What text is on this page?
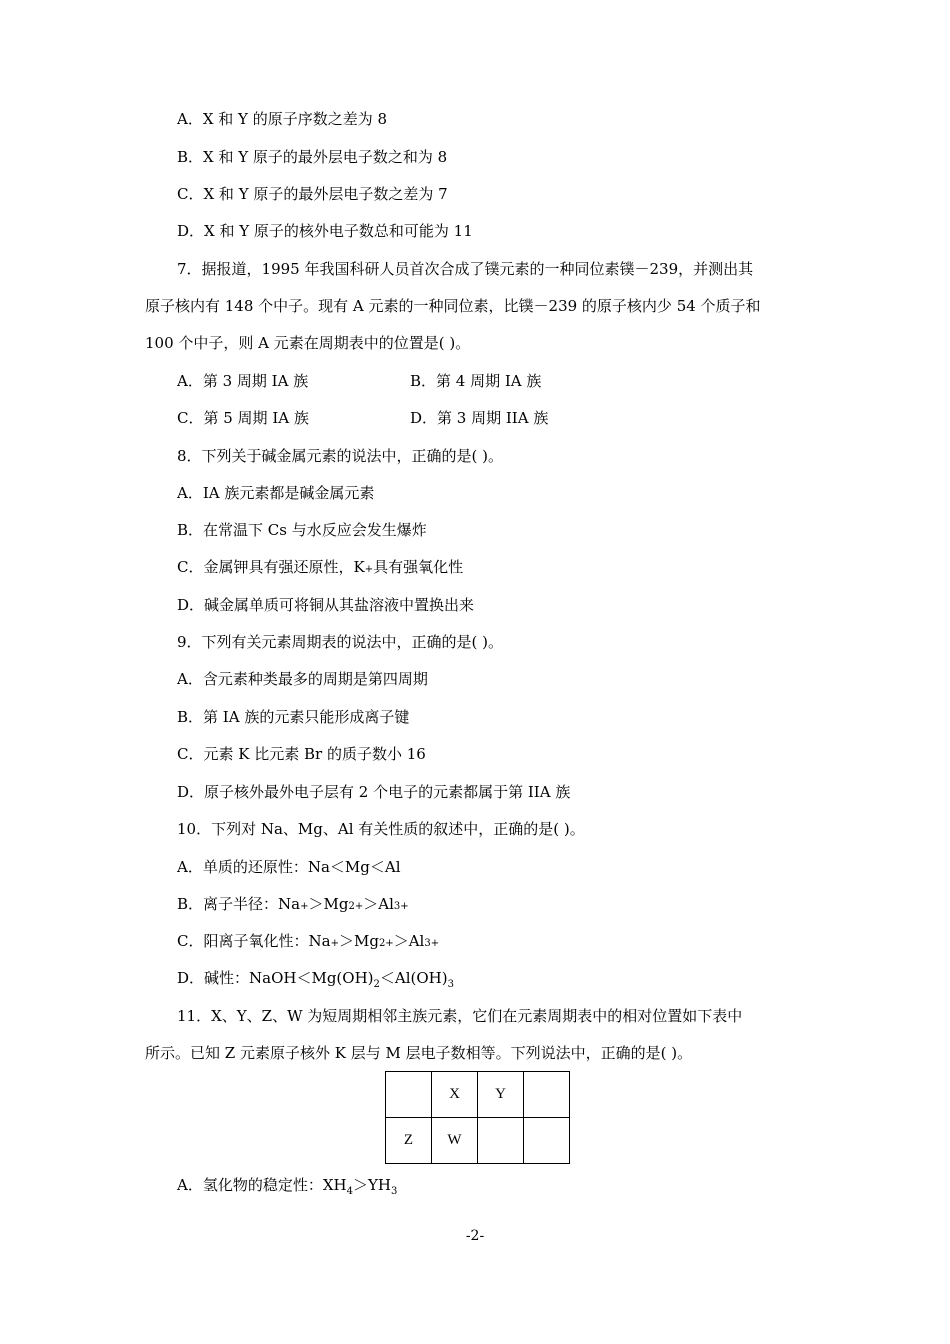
A．X 和 Y 的原子序数之差为 8
B．X 和 Y 原子的最外层电子数之和为 8
C．X 和 Y 原子的最外层电子数之差为 7
D．X 和 Y 原子的核外电子数总和可能为 11
7．据报道，1995 年我国科研人员首次合成了镤元素的一种同位素镤－239，并测出其
原子核内有 148 个中子。现有 A 元素的一种同位素，比镤－239 的原子核内少 54 个质子和
100 个中子，则 A 元素在周期表中的位置是( )。
A．第 3 周期 IA 族	B．第 4 周期 IA 族
C．第 5 周期 IA 族	D．第 3 周期 IIA 族
8．下列关于碱金属元素的说法中，正确的是( )。
A．IA 族元素都是碱金属元素
B．在常温下 Cs 与水反应会发生爆炸
C．金属钾具有强还原性，K+具有强氧化性
D．碱金属单质可将铜从其盐溶液中置换出来
9．下列有关元素周期表的说法中，正确的是( )。
A．含元素种类最多的周期是第四周期
B．第 IA 族的元素只能形成离子键
C．元素 K 比元素 Br 的质子数小 16
D．原子核外最外电子层有 2 个电子的元素都属于第 IIA 族
10．下列对 Na、Mg、Al 有关性质的叙述中，正确的是( )。
A．单质的还原性：Na＜Mg＜Al
B．离子半径：Na+＞Mg2+＞Al3+
C．阳离子氧化性：Na+＞Mg2+＞Al3+
D．碱性：$NaOH<Mg(OH)_2<Al(OH)_3$
11．X、Y、Z、W 为短周期相邻主族元素，它们在元素周期表中的相对位置如下表中
所示。已知 Z 元素原子核外 K 层与 M 层电子数相等。下列说法中，正确的是( )。
	X	Y	
Z	W		
A．氢化物的稳定性：$XH_4>YH_3$
-2-
